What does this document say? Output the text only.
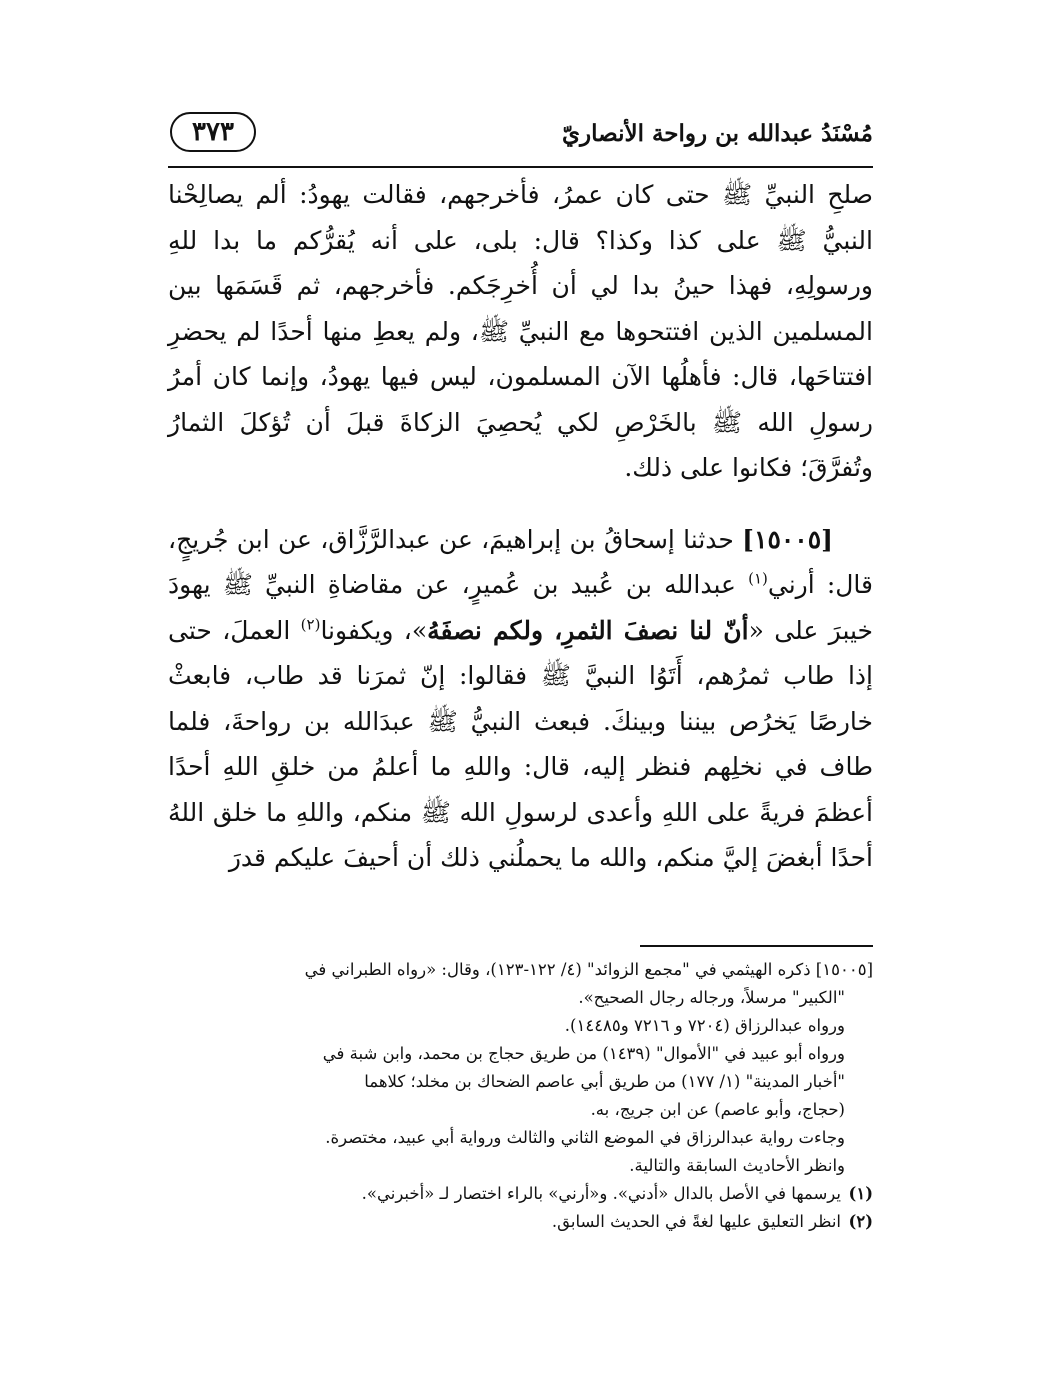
مُسْنَدُ عبدالله بن رواحة الأنصاريّ
٣٧٣

صلحِ النبيِّ ﷺ حتى كان عمرُ، فأخرجهم، فقالت يهودُ: ألم يصالِحْنا النبيُّ ﷺ على كذا وكذا؟ قال: بلى، على أنه يُقرُّكم ما بدا للهِ ورسولِهِ، فهذا حينُ بدا لي أن أُخرِجَكم. فأخرجهم، ثم قَسَمَها بين المسلمين الذين افتتحوها مع النبيِّ ﷺ، ولم يعطِ منها أحدًا لم يحضرِ افتتاحَها، قال: فأهلُها الآن المسلمون، ليس فيها يهودُ، وإنما كان أمرُ رسولِ الله ﷺ بالخَرْصِ لكي يُحصِيَ الزكاةَ قبلَ أن تُؤكلَ الثمارُ وتُفرَّقَ؛ فكانوا على ذلك.

[١٥٠٠٥] حدثنا إسحاقُ بن إبراهيمَ، عن عبدالرَّزَّاق، عن ابن جُريجٍ، قال: أرني$^{(١)}$ عبدالله بن عُبيد بن عُميرٍ، عن مقاضاةِ النبيِّ ﷺ يهودَ خيبرَ على «أنّ لنا نصفَ الثمرِ، ولكم نصفَهُ»، ويكفونا$^{(٢)}$ العملَ، حتى إذا طاب ثمرُهم، أَتَوُا النبيَّ ﷺ فقالوا: إنّ ثمرَنا قد طاب، فابعثْ خارصًا يَخرُص بيننا وبينكَ. فبعث النبيُّ ﷺ عبدَالله بن رواحةَ، فلما طاف في نخلِهم فنظر إليه، قال: واللهِ ما أعلمُ من خلقِ اللهِ أحدًا أعظمَ فريةً على اللهِ وأعدى لرسولِ الله ﷺ منكم، واللهِ ما خلق اللهُ أحدًا أبغضَ إليَّ منكم، والله ما يحملُني ذلك أن أحيفَ عليكم قدرَ

[١٥٠٠٥] ذكره الهيثمي في "مجمع الزوائد" (٤/ ١٢٢-١٢٣)، وقال: «رواه الطبراني في

"الكبير" مرسلاً، ورجاله رجال الصحيح».

ورواه عبدالرزاق (٧٢٠٤ و ٧٢١٦ و١٤٤٨٥).

ورواه أبو عبيد في "الأموال" (١٤٣٩) من طريق حجاج بن محمد، وابن شبة في

"أخبار المدينة" (١/ ١٧٧) من طريق أبي عاصم الضحاك بن مخلد؛ كلاهما

(حجاج، وأبو عاصم) عن ابن جريج، به.

وجاءت رواية عبدالرزاق في الموضع الثاني والثالث ورواية أبي عبيد، مختصرة.

وانظر الأحاديث السابقة والتالية.

(١)يرسمها في الأصل بالدال «أدني». و«أرني» بالراء اختصار لـ «أخبرني».

(٢)انظر التعليق عليها لغةً في الحديث السابق.
